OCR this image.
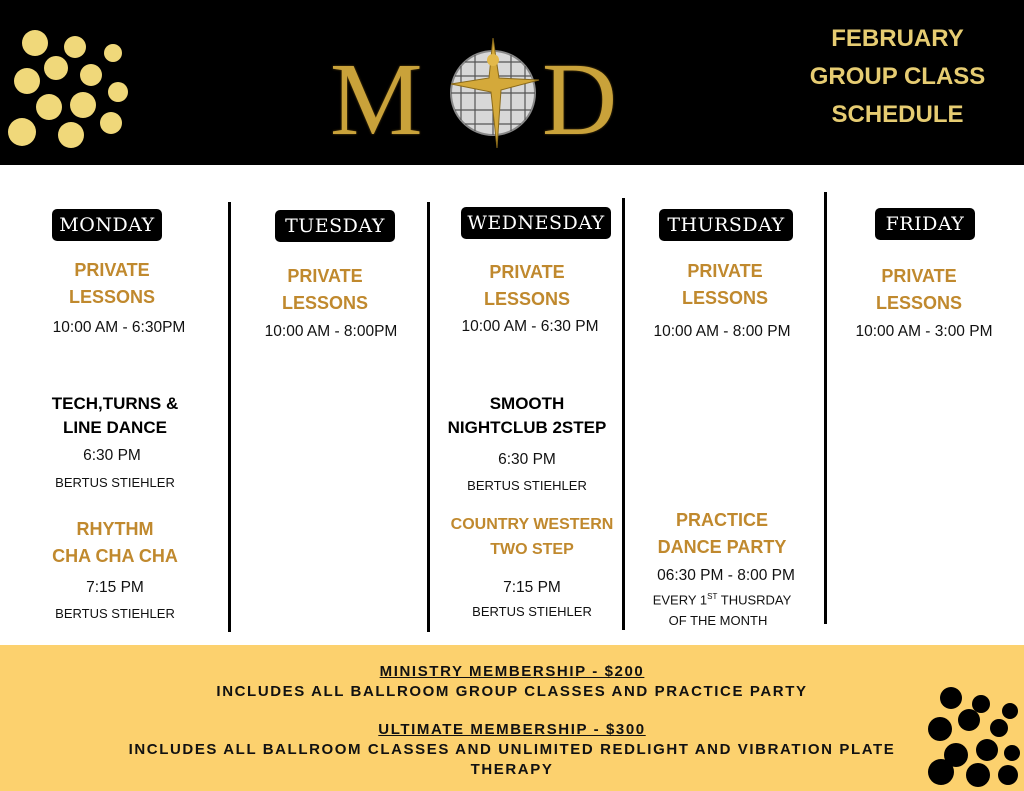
M D
FEBRUARY
GROUP CLASS
SCHEDULE
MONDAY
PRIVATE
LESSONS
10:00 AM - 6:30PM
TECH,TURNS &
LINE DANCE
6:30 PM
BERTUS STIEHLER
RHYTHM
CHA CHA CHA
7:15 PM
BERTUS STIEHLER
TUESDAY
PRIVATE
LESSONS
10:00 AM - 8:00PM
WEDNESDAY
PRIVATE
LESSONS
10:00 AM - 6:30 PM
SMOOTH
NIGHTCLUB 2STEP
6:30 PM
BERTUS STIEHLER
COUNTRY WESTERN
TWO STEP
7:15 PM
BERTUS STIEHLER
THURSDAY
PRIVATE
LESSONS
10:00 AM - 8:00 PM
PRACTICE
DANCE PARTY
06:30 PM - 8:00 PM
EVERY 1ST THUSRDAY
OF THE MONTH
FRIDAY
PRIVATE
LESSONS
10:00 AM - 3:00 PM
MINISTRY MEMBERSHIP - $200
INCLUDES ALL BALLROOM GROUP CLASSES AND PRACTICE PARTY
ULTIMATE MEMBERSHIP - $300
INCLUDES ALL BALLROOM CLASSES AND UNLIMITED REDLIGHT AND VIBRATION PLATE
THERAPY
